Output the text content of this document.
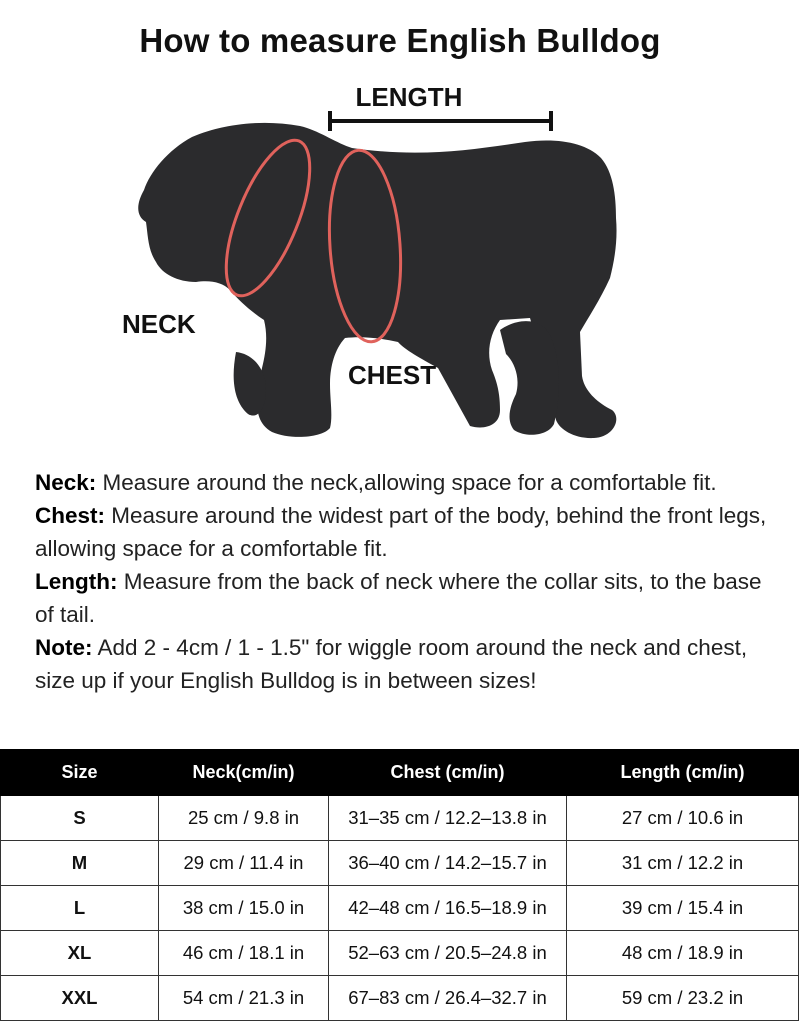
How to measure English Bulldog
LENGTH
NECK
CHEST

Neck: Measure around the neck,allowing space for a comfortable fit.

Chest: Measure around the widest part of the body, behind the front legs, allowing space for a comfortable fit.

Length: Measure from the back of neck where the collar sits, to the base of tail.

Note: Add 2 - 4cm / 1 - 1.5" for wiggle room around the neck and chest, size up if your English Bulldog is in between sizes!

Size	Neck(cm/in)	Chest (cm/in)	Length (cm/in)
S	25 cm / 9.8 in	31–35 cm / 12.2–13.8 in	27 cm / 10.6 in
M	29 cm / 11.4 in	36–40 cm / 14.2–15.7 in	31 cm / 12.2 in
L	38 cm / 15.0 in	42–48 cm / 16.5–18.9 in	39 cm / 15.4 in
XL	46 cm / 18.1 in	52–63 cm / 20.5–24.8 in	48 cm / 18.9 in
XXL	54 cm / 21.3 in	67–83 cm / 26.4–32.7 in	59 cm / 23.2 in
